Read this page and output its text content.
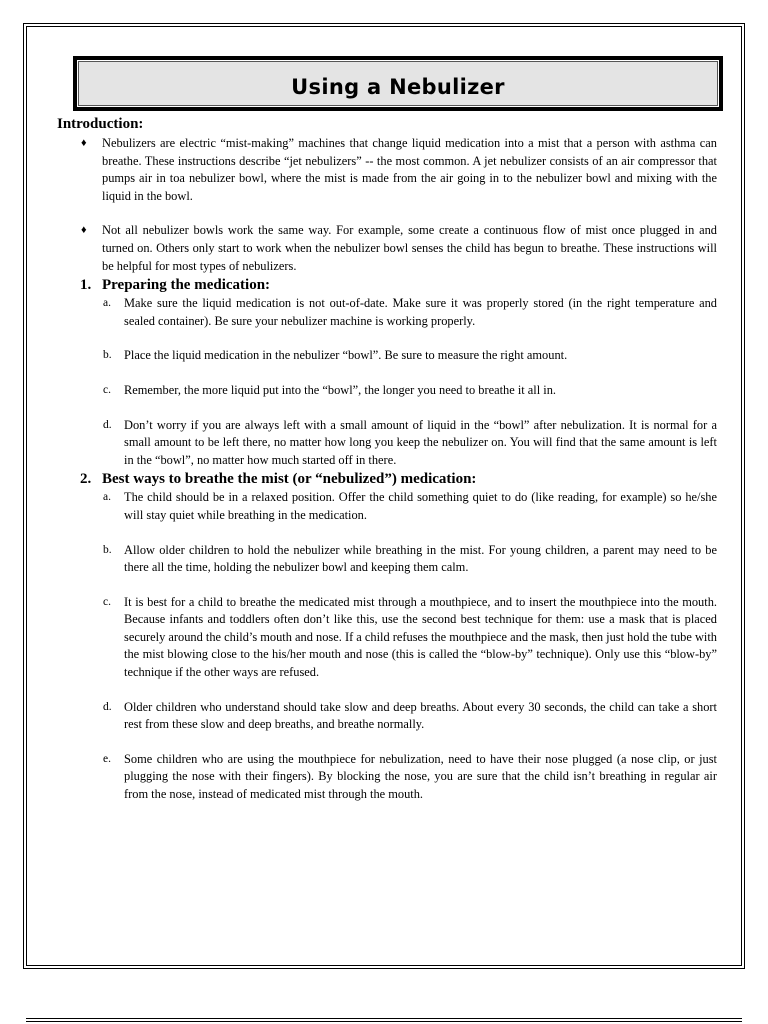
Using a Nebulizer
Introduction:

♦ Nebulizers are electric “mist-making” machines that change liquid medication into a mist that a person with asthma can breathe. These instructions describe “jet nebulizers” -- the most common. A jet nebulizer consists of an air compressor that pumps air in toa nebulizer bowl, where the mist is made from the air going in to the nebulizer bowl and mixing with the liquid in the bowl.

♦ Not all nebulizer bowls work the same way. For example, some create a continuous flow of mist once plugged in and turned on. Others only start to work when the nebulizer bowl senses the child has begun to breathe. These instructions will be helpful for most types of nebulizers.

1. Preparing the medication:

a. Make sure the liquid medication is not out-of-date. Make sure it was properly stored (in the right temperature and sealed container). Be sure your nebulizer machine is working properly.

b. Place the liquid medication in the nebulizer “bowl”. Be sure to measure the right amount.

c. Remember, the more liquid put into the “bowl”, the longer you need to breathe it all in.

d. Don’t worry if you are always left with a small amount of liquid in the “bowl” after nebulization. It is normal for a small amount to be left there, no matter how long you keep the nebulizer on. You will find that the same amount is left in the “bowl”, no matter how much started off in there.

2. Best ways to breathe the mist (or “nebulized”) medication:

a. The child should be in a relaxed position. Offer the child something quiet to do (like reading, for example) so he/she will stay quiet while breathing in the medication.

b. Allow older children to hold the nebulizer while breathing in the mist. For young children, a parent may need to be there all the time, holding the nebulizer bowl and keeping them calm.

c. It is best for a child to breathe the medicated mist through a mouthpiece, and to insert the mouthpiece into the mouth. Because infants and toddlers often don’t like this, use the second best technique for them: use a mask that is placed securely around the child’s mouth and nose. If a child refuses the mouthpiece and the mask, then just hold the tube with the mist blowing close to the his/her mouth and nose (this is called the “blow-by” technique). Only use this “blow-by” technique if the other ways are refused.

d. Older children who understand should take slow and deep breaths. About every 30 seconds, the child can take a short rest from these slow and deep breaths, and breathe normally.

e. Some children who are using the mouthpiece for nebulization, need to have their nose plugged (a nose clip, or just plugging the nose with their fingers). By blocking the nose, you are sure that the child isn’t breathing in regular air from the nose, instead of medicated mist through the mouth.
